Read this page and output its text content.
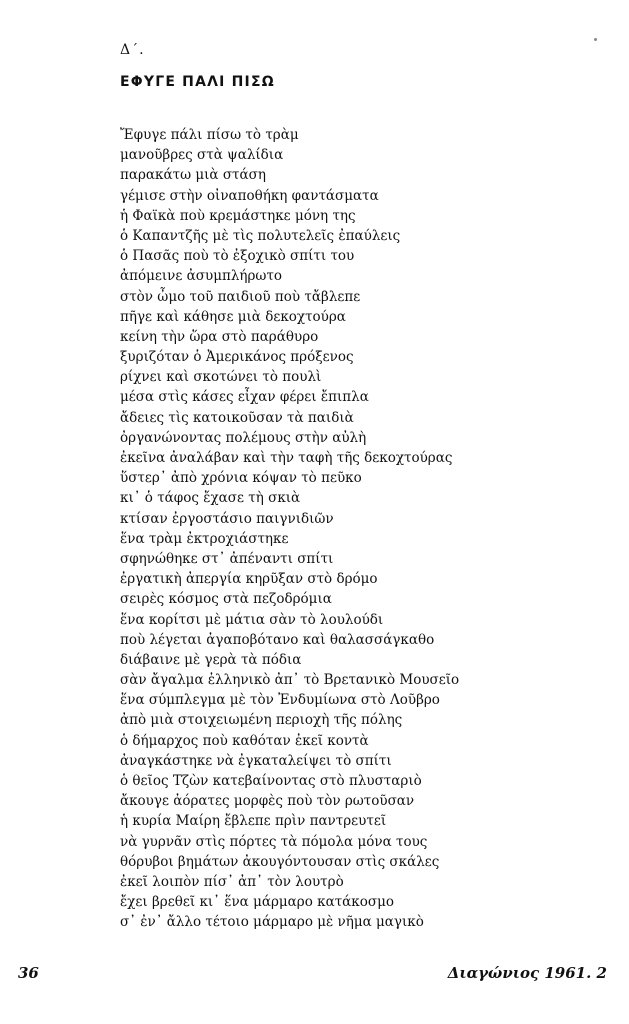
Δ΄.
ΕΦΥΓΕ ΠΑΛΙ ΠΙΣΩ
Ἔφυγε πάλι πίσω τὸ τρὰμ
μανοῦβρες στὰ ψαλίδια
παρακάτω μιὰ στάση
γέμισε στὴν οἰναποθήκη φαντάσματα
ἡ Φαϊκὰ ποὺ κρεμάστηκε μόνη της
ὁ Καπαντζῆς μὲ τὶς πολυτελεῖς ἐπαύλεις
ὁ Πασᾶς ποὺ τὸ ἐξοχικὸ σπίτι του
ἀπόμεινε ἀσυμπλήρωτο
στὸν ὦμο τοῦ παιδιοῦ ποὺ τἄβλεπε
πῆγε καὶ κάθησε μιὰ δεκοχτούρα
κείνη τὴν ὥρα στὸ παράθυρο
ξυριζόταν ὁ Ἀμερικάνος πρόξενος
ρίχνει καὶ σκοτώνει τὸ πουλὶ
μέσα στὶς κάσες εἶχαν φέρει ἔπιπλα
ἄδειες τὶς κατοικοῦσαν τὰ παιδιὰ
ὀργανώνοντας πολέμους στὴν αὐλὴ
ἐκεῖνα ἀναλάβαν καὶ τὴν ταφὴ τῆς δεκοχτούρας
ὕστερ᾿ ἀπὸ χρόνια κόψαν τὸ πεῦκο
κι᾿ ὁ τάφος ἔχασε τὴ σκιὰ
κτίσαν ἐργοστάσιο παιγνιδιῶν
ἕνα τρὰμ ἐκτροχιάστηκε
σφηνώθηκε στ᾿ ἀπέναντι σπίτι
ἐργατικὴ ἀπεργία κηρῦξαν στὸ δρόμο
σειρὲς κόσμος στὰ πεζοδρόμια
ἕνα κορίτσι μὲ μάτια σὰν τὸ λουλούδι
ποὺ λέγεται ἀγαποβότανο καὶ θαλασσάγκαθο
διάβαινε μὲ γερὰ τὰ πόδια
σὰν ἄγαλμα ἑλληνικὸ ἀπ᾿ τὸ Βρετανικὸ Μουσεῖο
ἕνα σύμπλεγμα μὲ τὸν Ἐνδυμίωνα στὸ Λοῦβρο
ἀπὸ μιὰ στοιχειωμένη περιοχὴ τῆς πόλης
ὁ δήμαρχος ποὺ καθόταν ἐκεῖ κοντὰ
ἀναγκάστηκε νὰ ἐγκαταλείψει τὸ σπίτι
ὁ θεῖος Τζὼν κατεβαίνοντας στὸ πλυσταριὸ
ἄκουγε ἀόρατες μορφὲς ποὺ τὸν ρωτοῦσαν
ἡ κυρία Μαίρη ἔβλεπε πρὶν παντρευτεῖ
νὰ γυρνᾶν στὶς πόρτες τὰ πόμολα μόνα τους
θόρυβοι βημάτων ἀκουγόντουσαν στὶς σκάλες
ἐκεῖ λοιπὸν πίσ᾿ ἀπ᾿ τὸν λουτρὸ
ἔχει βρεθεῖ κι᾿ ἕνα μάρμαρο κατάκοσμο
σ᾿ ἐν᾿ ἄλλο τέτοιο μάρμαρο μὲ νῆμα μαγικὸ
36	Διαγώνιος 1961. 2
